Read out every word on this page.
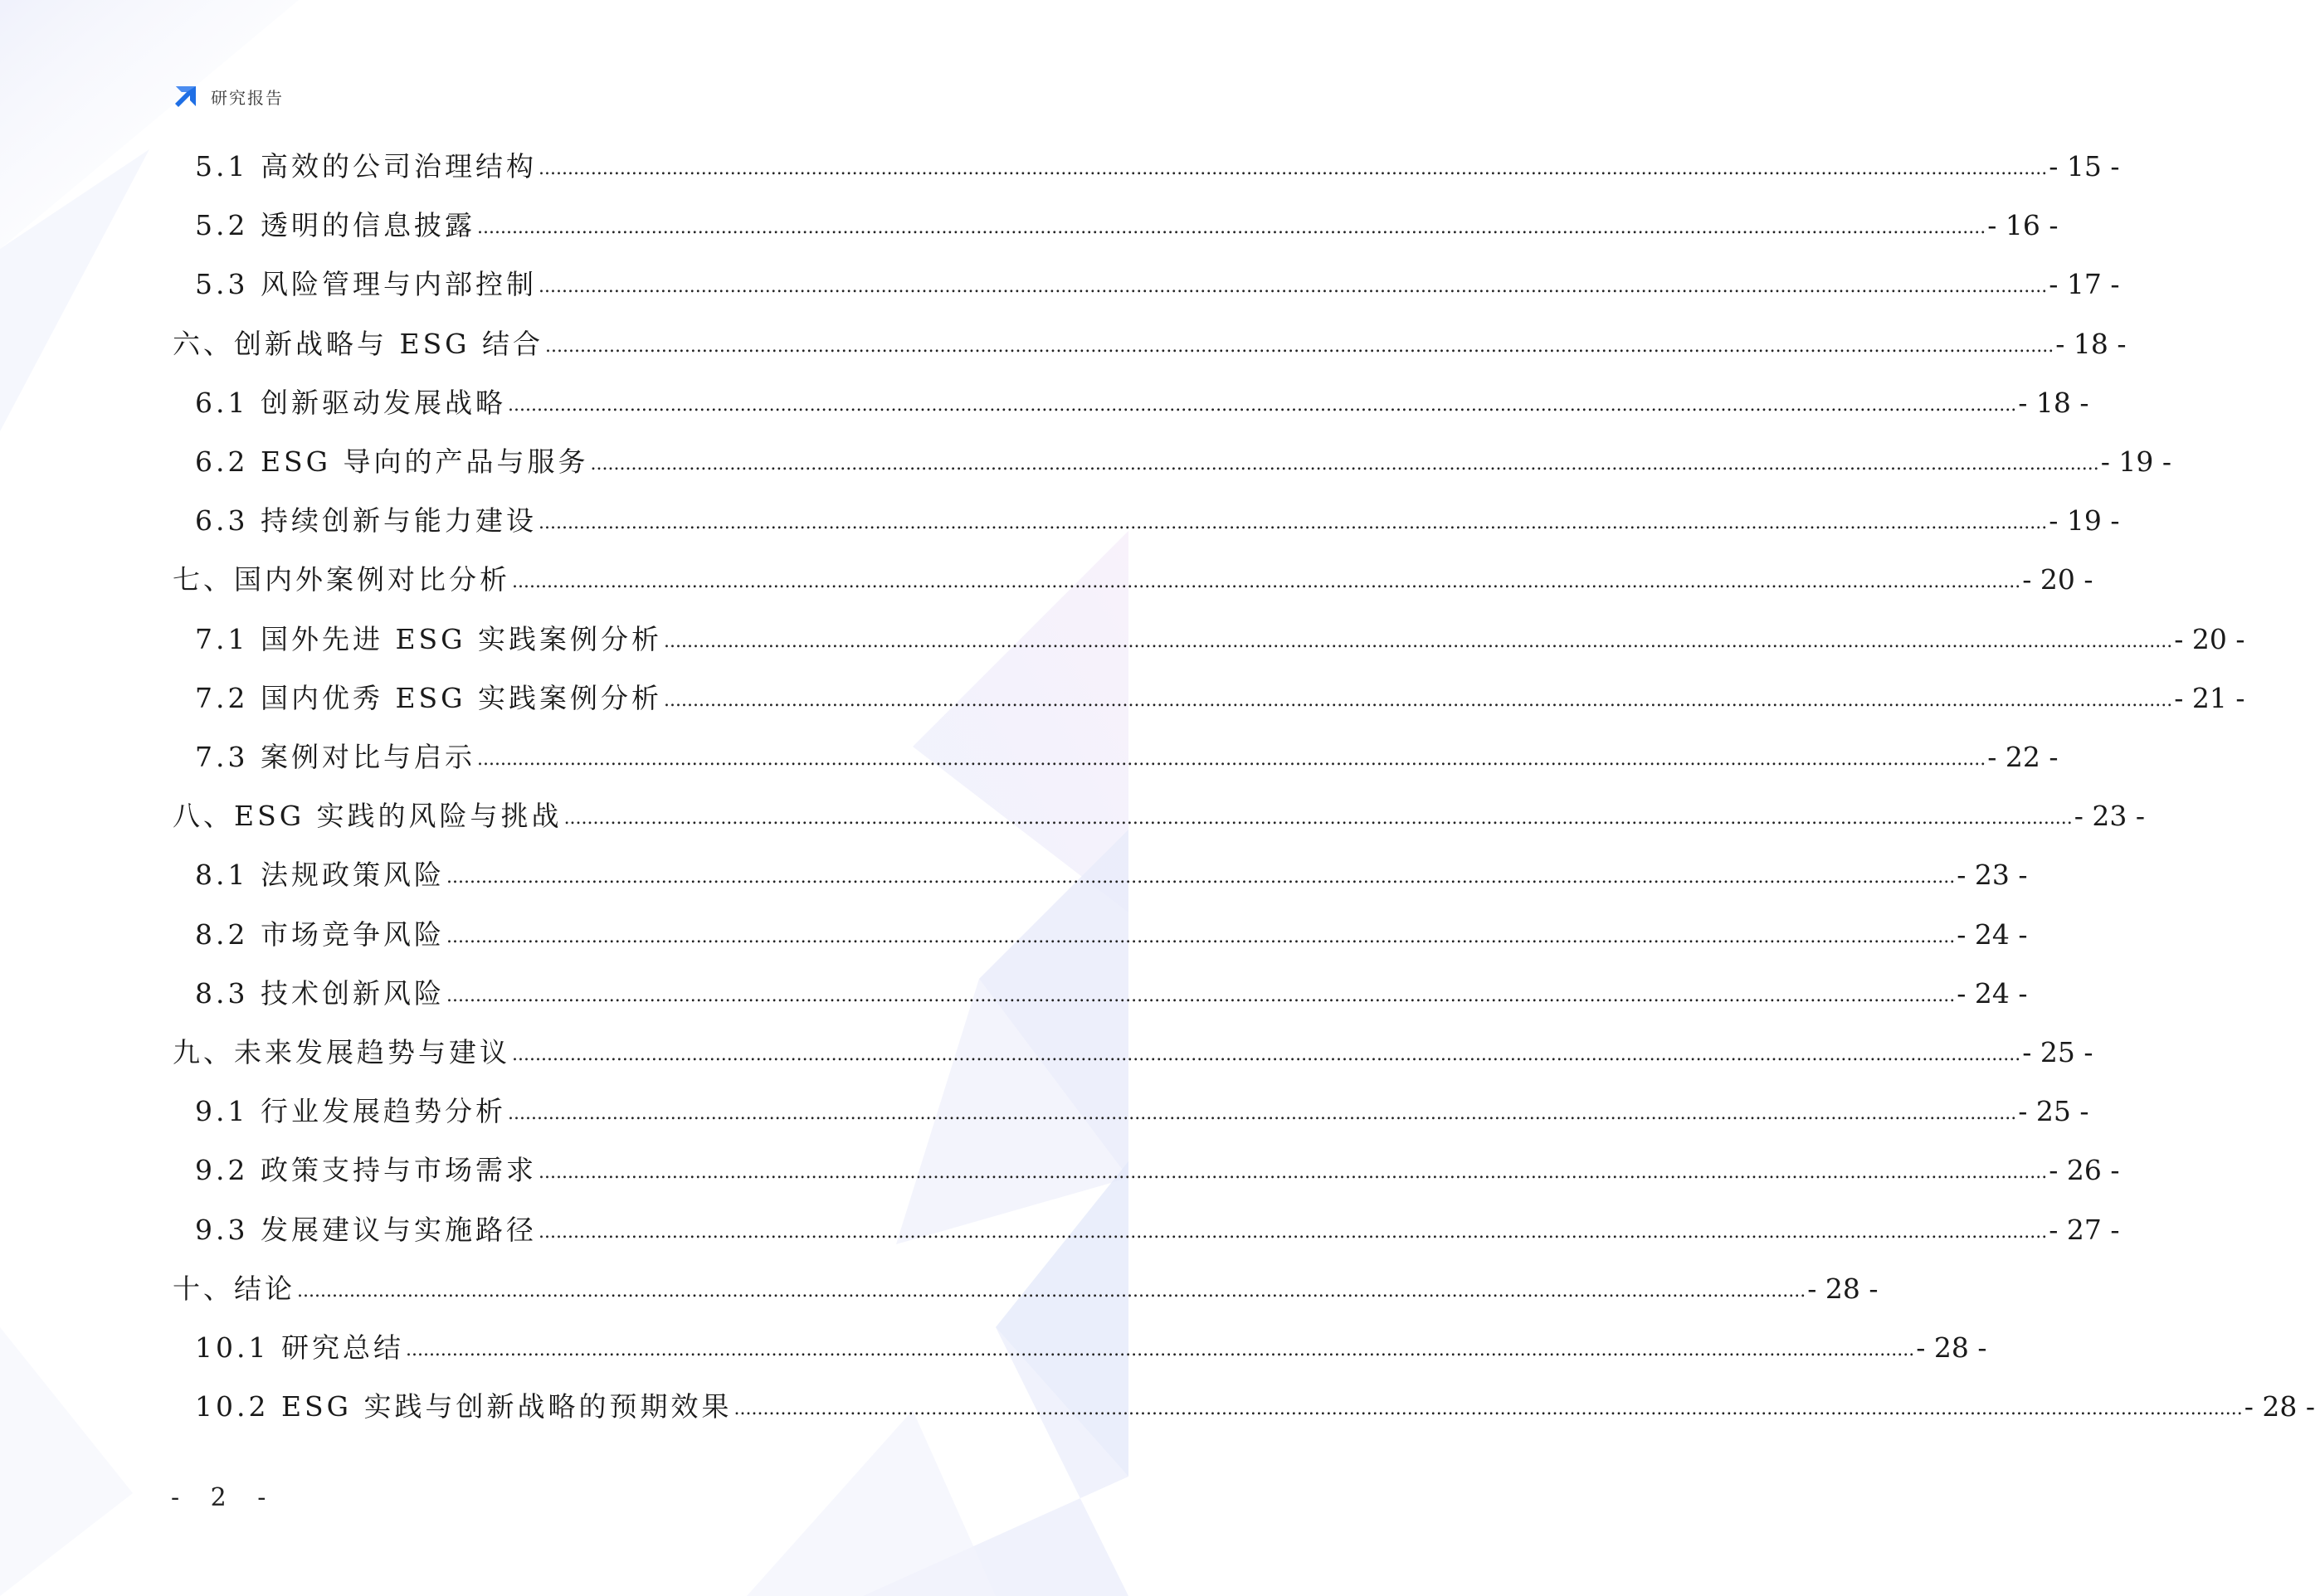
研究报告
5.1 高效的公司治理结构 .................................................................................................................................................................................................................................................................... - 15 -
5.2 透明的信息披露 .................................................................................................................................................................................................................................................................... - 16 -
5.3 风险管理与内部控制 .................................................................................................................................................................................................................................................................... - 17 -
六、创新战略与 ESG 结合 .................................................................................................................................................................................................................................................................... - 18 -
6.1 创新驱动发展战略 .................................................................................................................................................................................................................................................................... - 18 -
6.2 ESG 导向的产品与服务 .................................................................................................................................................................................................................................................................... - 19 -
6.3 持续创新与能力建设 .................................................................................................................................................................................................................................................................... - 19 -
七、国内外案例对比分析 .................................................................................................................................................................................................................................................................... - 20 -
7.1 国外先进 ESG 实践案例分析 .................................................................................................................................................................................................................................................................... - 20 -
7.2 国内优秀 ESG 实践案例分析 .................................................................................................................................................................................................................................................................... - 21 -
7.3 案例对比与启示 .................................................................................................................................................................................................................................................................... - 22 -
八、ESG 实践的风险与挑战 .................................................................................................................................................................................................................................................................... - 23 -
8.1 法规政策风险 .................................................................................................................................................................................................................................................................... - 23 -
8.2 市场竞争风险 .................................................................................................................................................................................................................................................................... - 24 -
8.3 技术创新风险 .................................................................................................................................................................................................................................................................... - 24 -
九、未来发展趋势与建议 .................................................................................................................................................................................................................................................................... - 25 -
9.1 行业发展趋势分析 .................................................................................................................................................................................................................................................................... - 25 -
9.2 政策支持与市场需求 .................................................................................................................................................................................................................................................................... - 26 -
9.3 发展建议与实施路径 .................................................................................................................................................................................................................................................................... - 27 -
十、结论 .................................................................................................................................................................................................................................................................... - 28 -
10.1 研究总结 .................................................................................................................................................................................................................................................................... - 28 -
10.2 ESG 实践与创新战略的预期效果 .................................................................................................................................................................................................................................................................... - 28 -
- 2 -
